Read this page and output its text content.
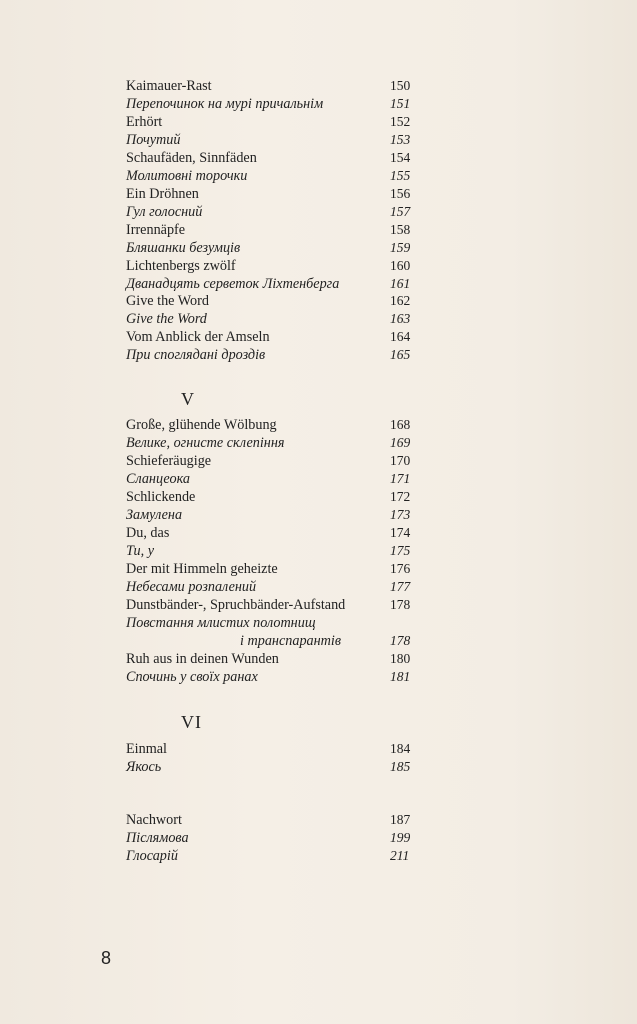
Kaimauer-Rast	150
Перепочинок на мурі причальнім	151
Erhört	152
Почутий	153
Schaufäden, Sinnfäden	154
Молитовні торочки	155
Ein Dröhnen	156
Гул голосний	157
Irrennäpfe	158
Бляшанки безумців	159
Lichtenbergs zwölf	160
Дванадцять серветок Ліхтенберга	161
Give the Word	162
Give the Word	163
Vom Anblick der Amseln	164
При споглядані дроздів	165
V
Große, glühende Wölbung	168
Велике, огнисте склепіння	169
Schieferäugige	170
Сланцеока	171
Schlickende	172
Замулена	173
Du, das	174
Ти, у	175
Der mit Himmeln geheizte	176
Небесами розпалений	177
Dunstbänder-, Spruchbänder-Aufstand	178
Повстання млистих полотнищ
і транспарантів	178
Ruh aus in deinen Wunden	180
Спочинь у своїх ранах	181
VI
Einmal	184
Якось	185
Nachwort	187
Післямова	199
Глосарій	211
8
